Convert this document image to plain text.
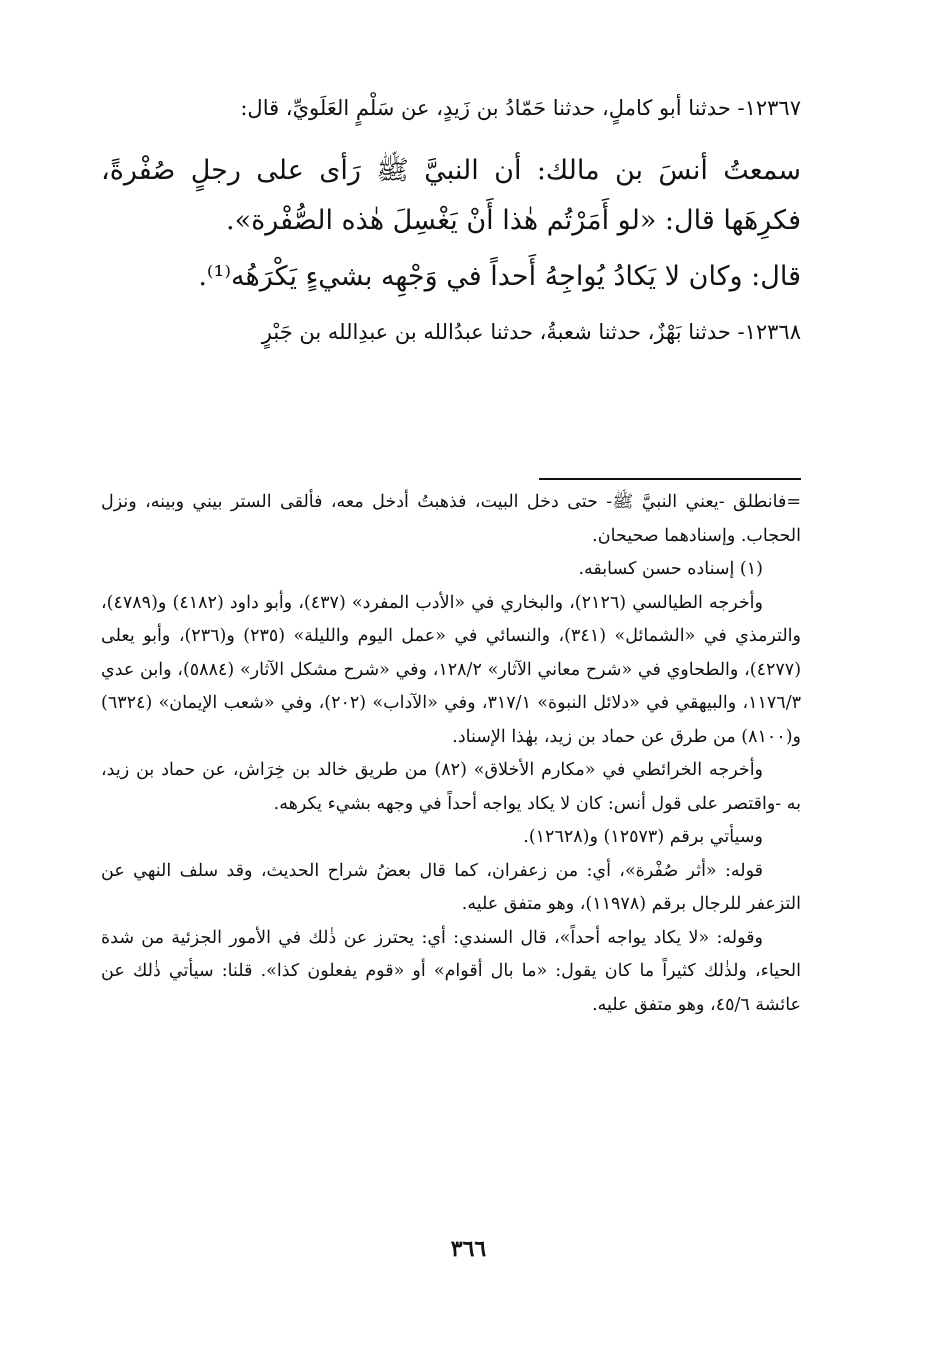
١٢٣٦٧- حدثنا أبو كاملٍ، حدثنا حَمّادُ بن زَيدٍ، عن سَلْمٍ العَلَويِّ، قال:

سمعتُ أنسَ بن مالك: أن النبيَّ ﷺ رَأى على رجلٍ صُفْرةً، فكرِهَها قال: «لو أَمَرْتُم هٰذا أَنْ يَغْسِلَ هٰذه الصُّفْرة».

قال: وكان لا يَكادُ يُواجِهُ أَحداً في وَجْهِه بشيءٍ يَكْرَهُه⁽¹⁾.

١٢٣٦٨- حدثنا بَهْزٌ، حدثنا شعبةُ، حدثنا عبدُالله بن عبدِالله بن جَبْرٍ

=فانطلق -يعني النبيَّ ﷺ- حتى دخل البيت، فذهبتُ أدخل معه، فألقى الستر بيني وبينه، ونزل الحجاب. وإسنادهما صحيحان.

(١) إسناده حسن كسابقه.

وأخرجه الطيالسي (٢١٢٦)، والبخاري في «الأدب المفرد» (٤٣٧)، وأبو داود (٤١٨٢) و(٤٧٨٩)، والترمذي في «الشمائل» (٣٤١)، والنسائي في «عمل اليوم والليلة» (٢٣٥) و(٢٣٦)، وأبو يعلى (٤٢٧٧)، والطحاوي في «شرح معاني الآثار» ١٢٨/٢، وفي «شرح مشكل الآثار» (٥٨٨٤)، وابن عدي ١١٧٦/٣، والبيهقي في «دلائل النبوة» ٣١٧/١، وفي «الآداب» (٢٠٢)، وفي «شعب الإيمان» (٦٣٢٤) و(٨١٠٠) من طرق عن حماد بن زيد، بهٰذا الإسناد.

وأخرجه الخرائطي في «مكارم الأخلاق» (٨٢) من طريق خالد بن خِرَاش، عن حماد بن زيد، به -واقتصر على قول أنس: كان لا يكاد يواجه أحداً في وجهه بشيء يكرهه.

وسيأتي برقم (١٢٥٧٣) و(١٢٦٢٨).

قوله: «أثر صُفْرة»، أي: من زعفران، كما قال بعضُ شراح الحديث، وقد سلف النهي عن التزعفر للرجال برقم (١١٩٧٨)، وهو متفق عليه.

وقوله: «لا يكاد يواجه أحداً»، قال السندي: أي: يحترز عن ذٰلك في الأمور الجزئية من شدة الحياء، ولذٰلك كثيراً ما كان يقول: «ما بال أقوام» أو «قوم يفعلون كذا». قلنا: سيأتي ذٰلك عن عائشة ٤٥/٦، وهو متفق عليه.

٣٦٦
